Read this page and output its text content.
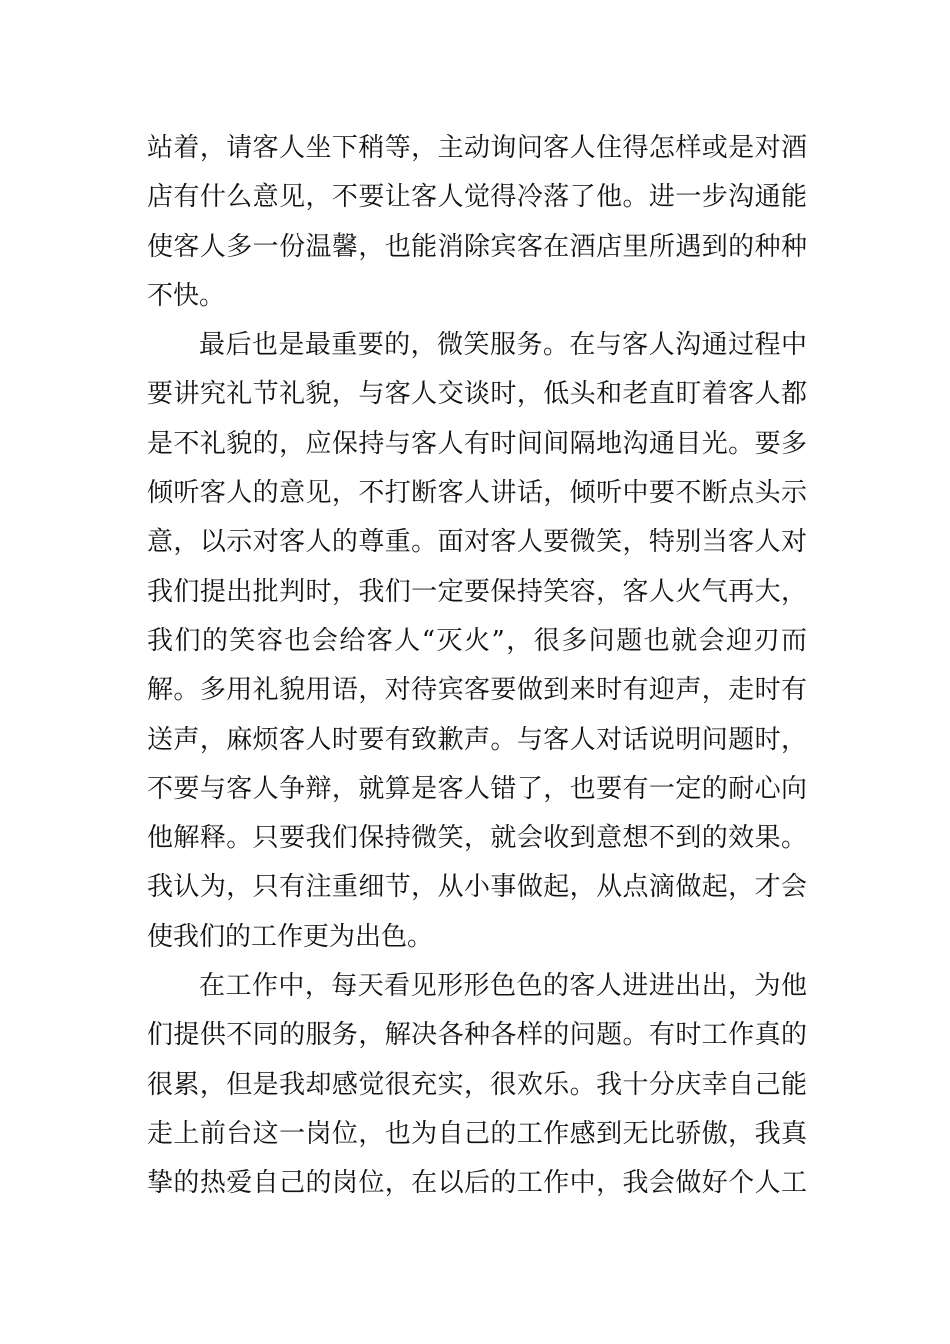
站着，请客人坐下稍等，主动询问客人住得怎样或是对酒
店有什么意见，不要让客人觉得冷落了他。进一步沟通能
使客人多一份温馨，也能消除宾客在酒店里所遇到的种种
不快。
最后也是最重要的，微笑服务。在与客人沟通过程中
要讲究礼节礼貌，与客人交谈时，低头和老直盯着客人都
是不礼貌的，应保持与客人有时间间隔地沟通目光。要多
倾听客人的意见，不打断客人讲话，倾听中要不断点头示
意，以示对客人的尊重。面对客人要微笑，特别当客人对
我们提出批判时，我们一定要保持笑容，客人火气再大，
我们的笑容也会给客人“灭火”，很多问题也就会迎刃而
解。多用礼貌用语，对待宾客要做到来时有迎声，走时有
送声，麻烦客人时要有致歉声。与客人对话说明问题时，
不要与客人争辩，就算是客人错了，也要有一定的耐心向
他解释。只要我们保持微笑，就会收到意想不到的效果。
我认为，只有注重细节，从小事做起，从点滴做起，才会
使我们的工作更为出色。
在工作中，每天看见形形色色的客人进进出出，为他
们提供不同的服务，解决各种各样的问题。有时工作真的
很累，但是我却感觉很充实，很欢乐。我十分庆幸自己能
走上前台这一岗位，也为自己的工作感到无比骄傲，我真
挚的热爱自己的岗位，在以后的工作中，我会做好个人工
